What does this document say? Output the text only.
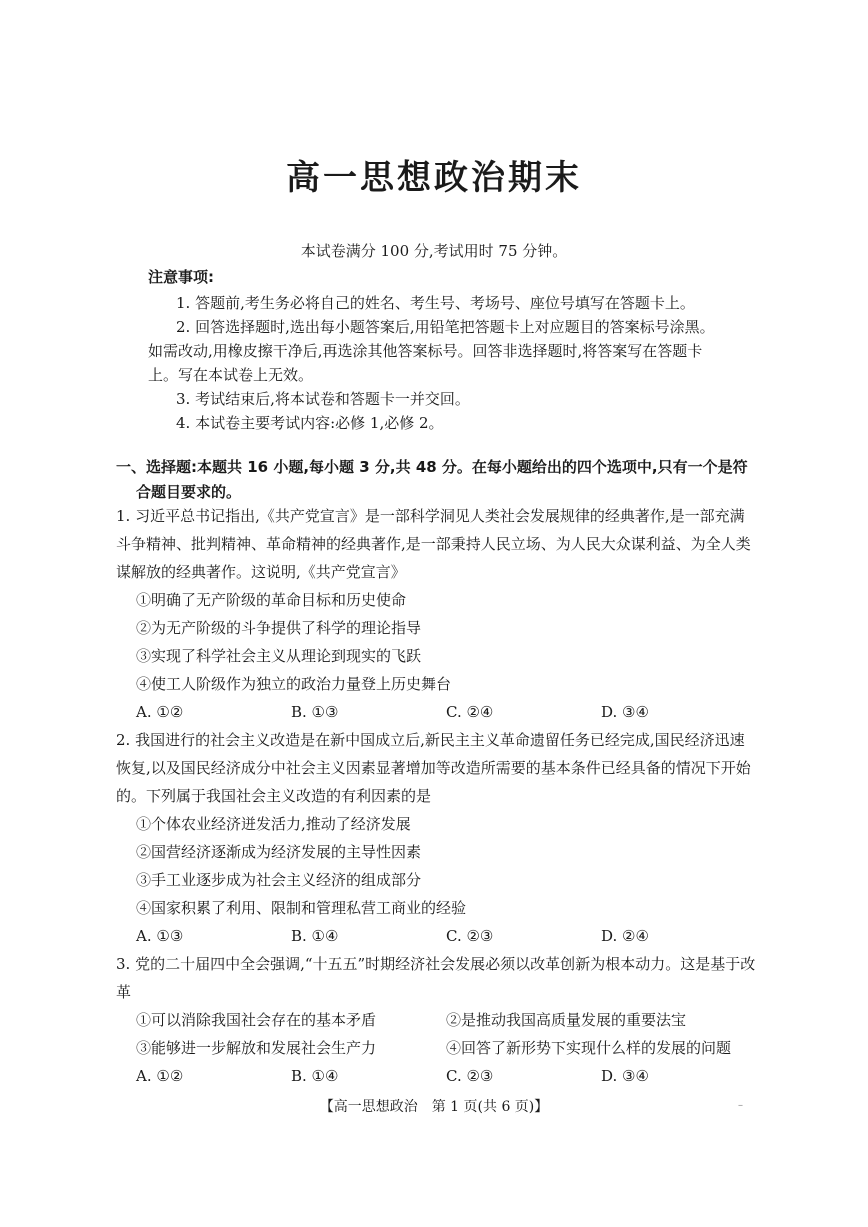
高一思想政治期末
本试卷满分 100 分,考试用时 75 分钟。
注意事项:

1. 答题前,考生务必将自己的姓名、考生号、考场号、座位号填写在答题卡上。

2. 回答选择题时,选出每小题答案后,用铅笔把答题卡上对应题目的答案标号涂黑。如需改动,用橡皮擦干净后,再选涂其他答案标号。回答非选择题时,将答案写在答题卡上。写在本试卷上无效。

3. 考试结束后,将本试卷和答题卡一并交回。

4. 本试卷主要考试内容:必修 1,必修 2。

一、选择题:本题共 16 小题,每小题 3 分,共 48 分。在每小题给出的四个选项中,只有一个是符
合题目要求的。
1. 习近平总书记指出,《共产党宣言》是一部科学洞见人类社会发展规律的经典著作,是一部充满斗争精神、批判精神、革命精神的经典著作,是一部秉持人民立场、为人民大众谋利益、为全人类谋解放的经典著作。这说明,《共产党宣言》
①明确了无产阶级的革命目标和历史使命
②为无产阶级的斗争提供了科学的理论指导
③实现了科学社会主义从理论到现实的飞跃
④使工人阶级作为独立的政治力量登上历史舞台
A. ①②	B. ①③	C. ②④	D. ③④
2. 我国进行的社会主义改造是在新中国成立后,新民主主义革命遗留任务已经完成,国民经济迅速恢复,以及国民经济成分中社会主义因素显著增加等改造所需要的基本条件已经具备的情况下开始的。下列属于我国社会主义改造的有利因素的是
①个体农业经济迸发活力,推动了经济发展
②国营经济逐渐成为经济发展的主导性因素
③手工业逐步成为社会主义经济的组成部分
④国家积累了利用、限制和管理私营工商业的经验
A. ①③	B. ①④	C. ②③	D. ②④
3. 党的二十届四中全会强调,“十五五”时期经济社会发展必须以改革创新为根本动力。这是基于改革
①可以消除我国社会存在的基本矛盾	②是推动我国高质量发展的重要法宝
③能够进一步解放和发展社会生产力	④回答了新形势下实现什么样的发展的问题
A. ①②	B. ①④	C. ②③	D. ③④
【高一思想政治　第 1 页(共 6 页)】	–
